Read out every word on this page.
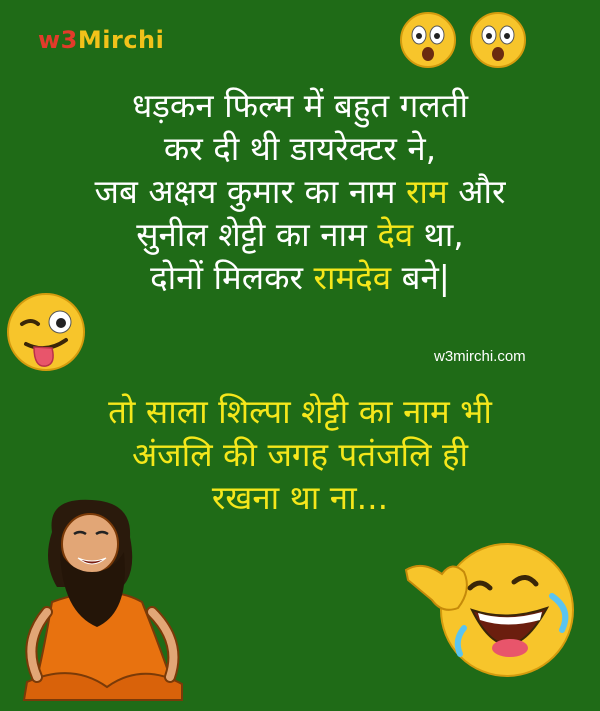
w3Mirchi
धड़कन फिल्म में बहुत गलती
कर दी थी डायरेक्टर ने,
जब अक्षय कुमार का नाम राम और
सुनील शेट्टी का नाम देव था,
दोनों मिलकर रामदेव बने|
w3mirchi.com
तो साला शिल्पा शेट्टी का नाम भी
अंजलि की जगह पतंजलि ही
रखना था ना...
